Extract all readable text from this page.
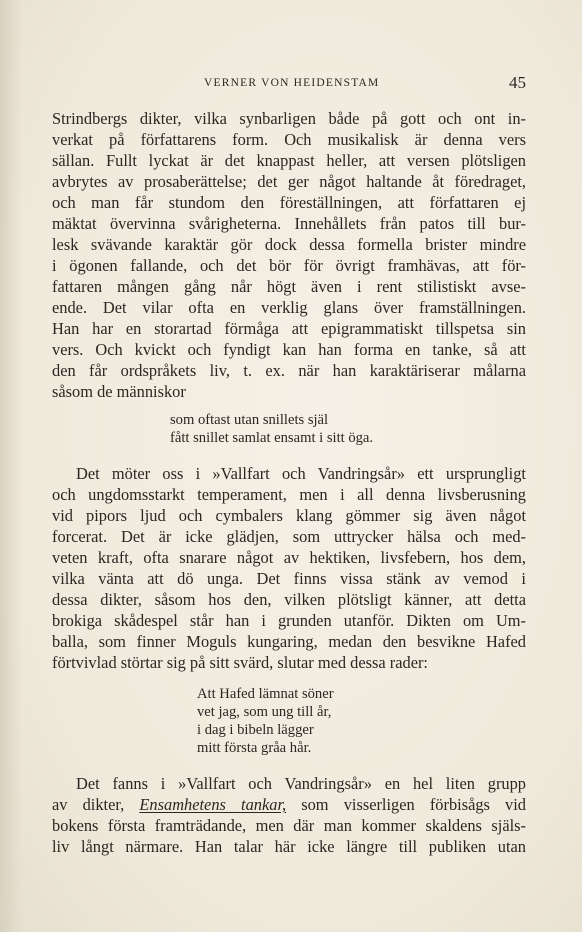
VERNER VON HEIDENSTAM	45
Strindbergs dikter, vilka synbarligen både på gott och ont in-
verkat på författarens form. Och musikalisk är denna vers
sällan. Fullt lyckat är det knappast heller, att versen plötsligen
avbrytes av prosaberättelse; det ger något haltande åt föredraget,
och man får stundom den föreställningen, att författaren ej
mäktat övervinna svårigheterna. Innehållets från patos till bur-
lesk svävande karaktär gör dock dessa formella brister mindre
i ögonen fallande, och det bör för övrigt framhävas, att för-
fattaren mången gång når högt även i rent stilistiskt avse-
ende. Det vilar ofta en verklig glans över framställningen.
Han har en storartad förmåga att epigrammatiskt tillspetsa sin
vers. Och kvickt och fyndigt kan han forma en tanke, så att
den får ordspråkets liv, t. ex. när han karaktäriserar målarna
såsom de människor
som oftast utan snillets själ
fått snillet samlat ensamt i sitt öga.
Det möter oss i »Vallfart och Vandringsår» ett ursprungligt
och ungdomsstarkt temperament, men i all denna livsberusning
vid pipors ljud och cymbalers klang gömmer sig även något
forcerat. Det är icke glädjen, som uttrycker hälsa och med-
veten kraft, ofta snarare något av hektiken, livsfebern, hos dem,
vilka vänta att dö unga. Det finns vissa stänk av vemod i
dessa dikter, såsom hos den, vilken plötsligt känner, att detta
brokiga skådespel står han i grunden utanför. Dikten om Um-
balla, som finner Moguls kungaring, medan den besvikne Hafed
förtvivlad störtar sig på sitt svärd, slutar med dessa rader:
Att Hafed lämnat söner
vet jag, som ung till år,
i dag i bibeln lägger
mitt första gråa hår.
Det fanns i »Vallfart och Vandringsår» en hel liten grupp
av dikter, Ensamhetens tankar, som visserligen förbisågs vid
bokens första framträdande, men där man kommer skaldens själs-
liv långt närmare. Han talar här icke längre till publiken utan
